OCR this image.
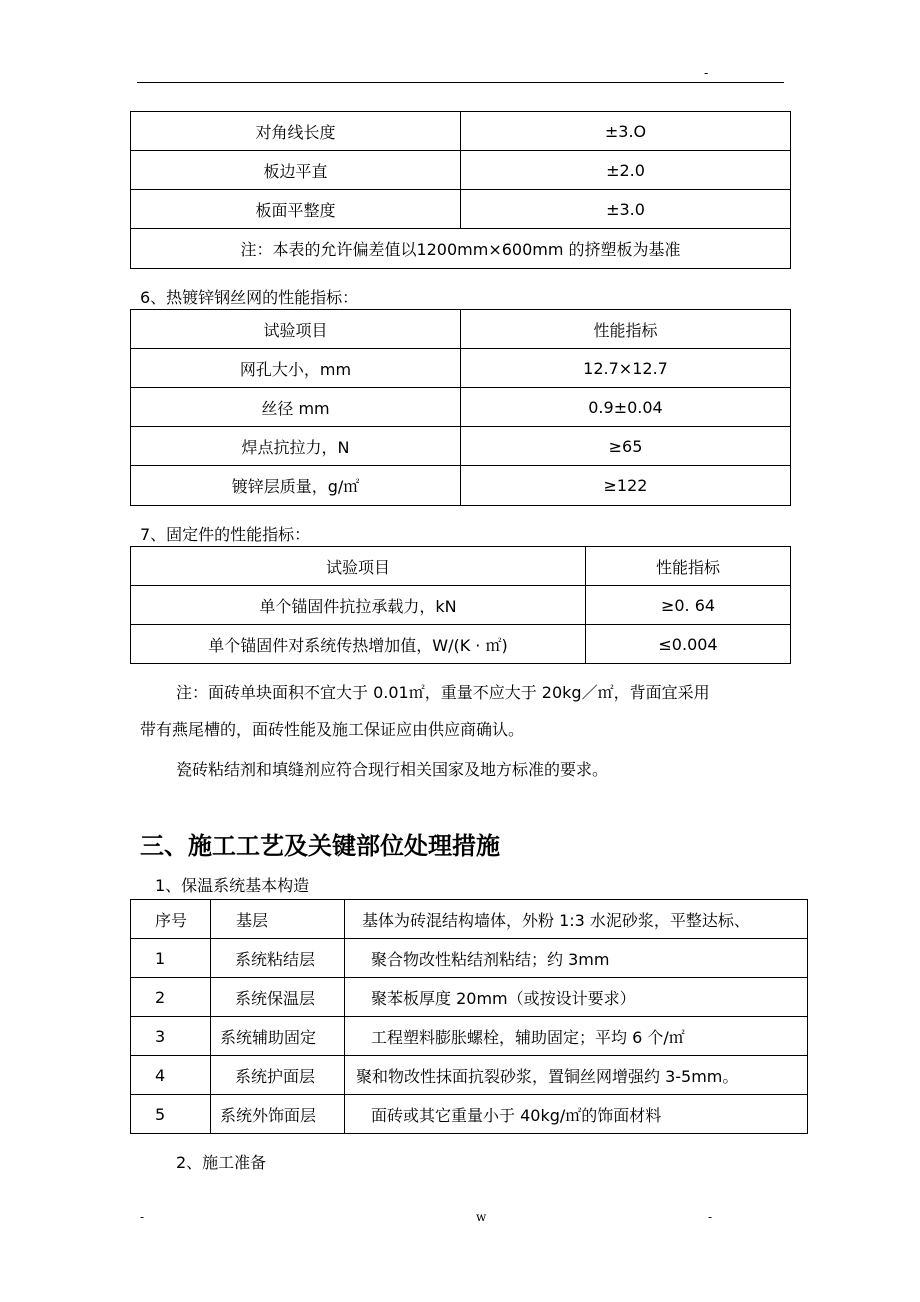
-
对角线长度	±3.O
板边平直	±2.0
板面平整度	±3.0
注：本表的允许偏差值以1200mm×600mm 的挤塑板为基准	
6、热镀锌钢丝网的性能指标：
试验项目	性能指标
网孔大小，mm	12.7×12.7
丝径 mm	0.9±0.04
焊点抗拉力，N	≥65
镀锌层质量，g/㎡	≥122
7、固定件的性能指标：
试验项目	性能指标
单个锚固件抗拉承载力，kN	≥0. 64
单个锚固件对系统传热增加值，W/(K · ㎡)	≤0.004
注：面砖单块面积不宜大于 0.01㎡，重量不应大于 20kg／㎡，背面宜采用
带有燕尾槽的，面砖性能及施工保证应由供应商确认。
瓷砖粘结剂和填缝剂应符合现行相关国家及地方标准的要求。
三、施工工艺及关键部位处理措施
1、保温系统基本构造
序号	基层	基体为砖混结构墙体，外粉 1:3 水泥砂浆，平整达标、
1	系统粘结层	聚合物改性粘结剂粘结；约 3mm
2	系统保温层	聚苯板厚度 20mm（或按设计要求）
3	系统辅助固定	工程塑料膨胀螺栓，辅助固定；平均 6 个/㎡
4	系统护面层	聚和物改性抹面抗裂砂浆，置铜丝网增强约 3-5mm。
5	系统外饰面层	面砖或其它重量小于 40kg/㎡的饰面材料
2、施工准备
-	w	-
